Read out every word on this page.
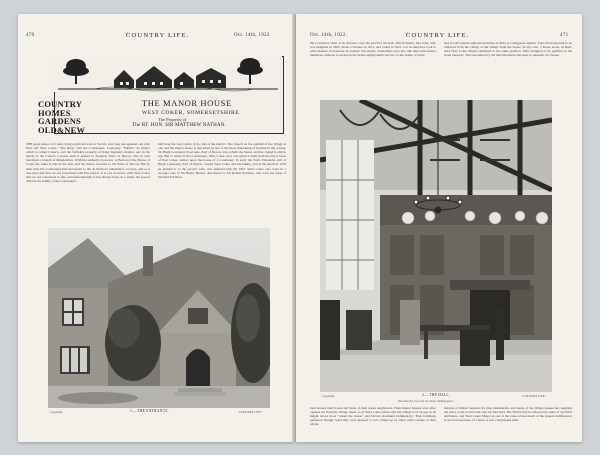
470	COUNTRY LIFE.	Oct. 14th, 1922.
COUNTRY
HOMES
GARDENS
OLD&NEW
THE MANOR HOUSE
WEST COKER, SOMERSETSHIRE.
The Property of
The RT. HON. SIR MATTHEW NATHAN.
THE great manor of Coker, lying south and west of Yeovil, was long one unusual one with East and West Coker. "The Ring" and the Courtenays. Courtenay "Suffice" its manor which is called Coker's, and the Suffolk's property of King Stephen's mother, and in the hands of the Coker's a house until it passed to Stephen, Earls of Devon, who in turn mortified a branch of Mandevilles. With the authority, however, at Bolton of the House of Coker the same is still in the hall, and the manor reverted to the Earls of Devon. But by their time the Courtenays had succeeded to the de Redvers' inheritance are here, and as it was they that first we are concerned with this period. It is old, however, with West Coker that we are concerned to-day, and unfortunately, it has always been, in a sense, the poorer child in the family of the Courtenays.
half long the very centre of the life of the district. The church on the summit of the village is old, and the manor house is described as one of the most interesting of its kind in the county. Sir Hugh Courtenay lived here. Earl of Devon, who rebuilt the house, and the chapel is still in use. But to return to the Courtenays. West Coker once was given to him; both the direct issue of East Coker, settled upon the house of a Courtenay. In early the Earls Elizabeth, still of Hugh Courtenay, Earl of Devon, owned West Coker and his family, and at his death in 1556 he granted it to the second wife, who married him till 1591. West Coker also went in a stronger one, to Sir Henry Hutton, and thence to Sir Robert Portman, who took the lease of Orchard Portman.
Copyright.	1.—THE ENTRANCE.	"COUNTRY LIFE."
Oct. 14th, 1922.	COUNTRY LIFE.	471
the Courtenay arms of an entrance over the porch to the hall. This Portman, like John, who was knighted in 1605, made a baronet in 1611, and found in 1621. Let us therefore look to what manner of house he succeeded. Successive ownerships were not, like their rural manor mansions, anxious to escape from former employment and set a wide stomp of pride.
and would tolerate adjacent branches as little as contiguous squires. Thus the house had to be removed from the village or the village from the house. In any case, a house alone, in heed. And West Coker Manor remained in the same position, fully designed to be purified as the stone masonry. The restoration by old men hindrance has kept so pleasant of a house.
Copyright.	2.—THE HALL.
Showing the roof and Jacobean chimneypiece.
"COUNTRY LIFE."
land houses their house and those of their lesser neighbours. Their manor houses were after opened out from the village street, as at West Coker where still the village is of an age as its height above most "raised the house" and Devon abolished rudimentary; Thus buildings gathered; though, what they were pleased to call cottage up or other; what cottage of their whole.
masons of timber beneath old time monuments, and many of the village houses has supplied the place to the world with which it had held. The World only be affected by some of the fitful ambitions, and West Coker Manor is one of the cases where much of the present indifference is survived pressure of a more or less compressed kind.
